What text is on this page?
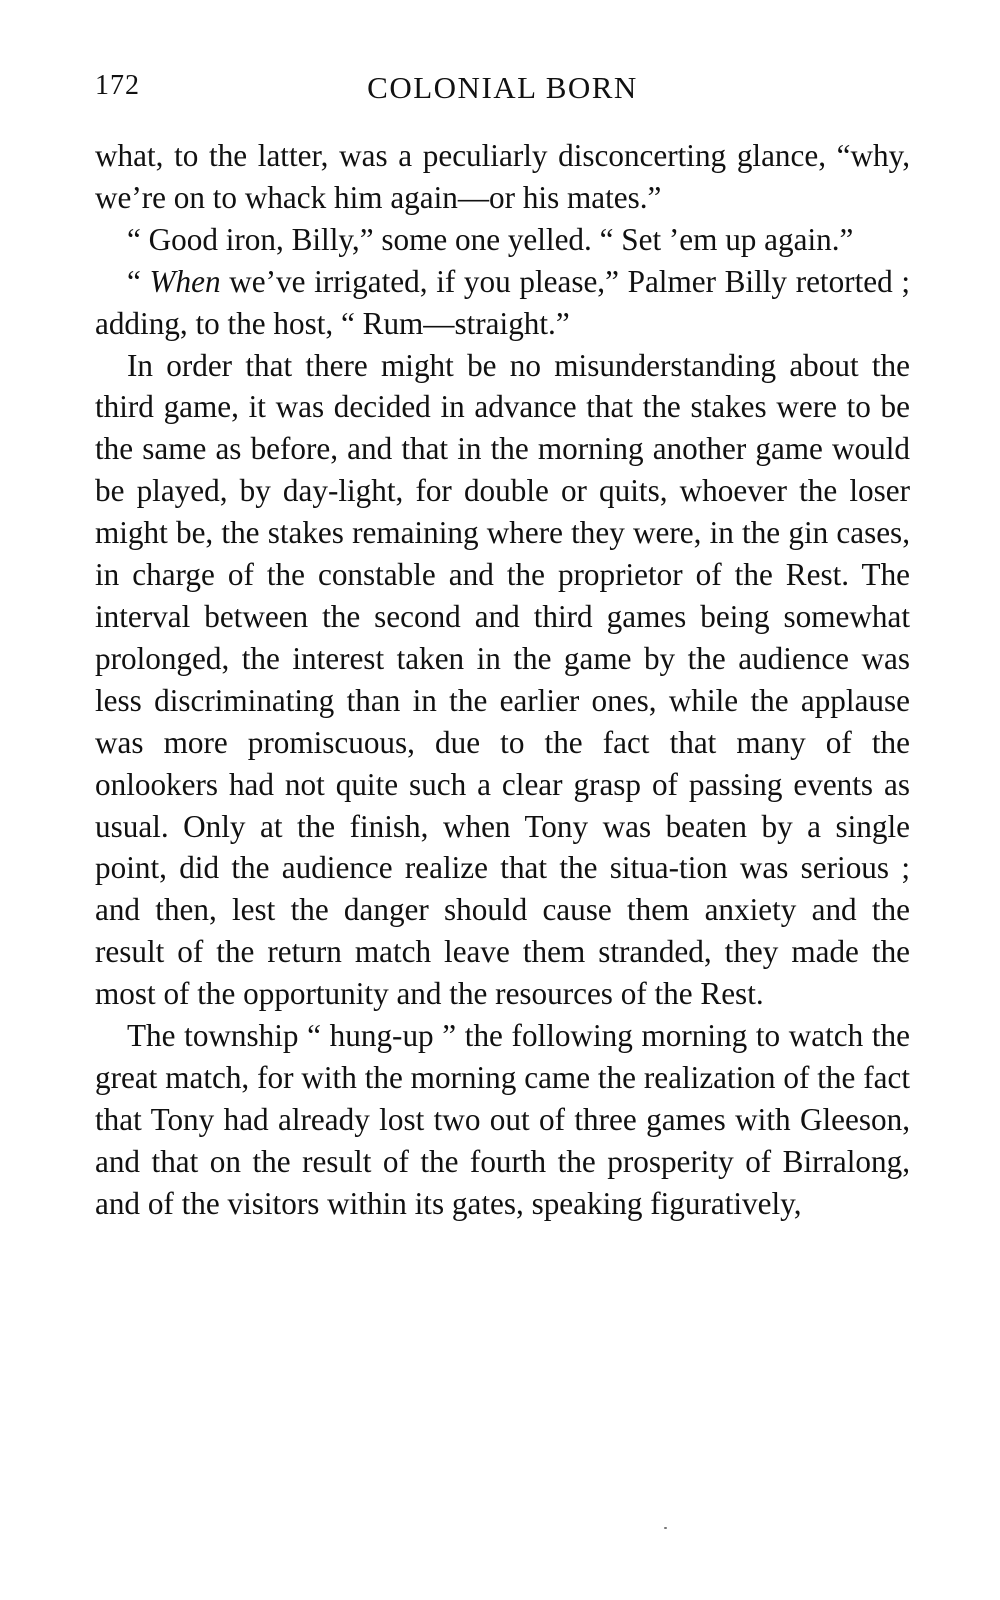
172	COLONIAL BORN

what, to the latter, was a peculiarly disconcerting glance, “why, we’re on to whack him again—or his mates.”

“ Good iron, Billy,” some one yelled. “ Set ’em up again.”

“ When we’ve irrigated, if you please,” Palmer Billy retorted ; adding, to the host, “ Rum—straight.”

In order that there might be no misunderstanding about the third game, it was decided in advance that the stakes were to be the same as before, and that in the morning another game would be played, by day-light, for double or quits, whoever the loser might be, the stakes remaining where they were, in the gin cases, in charge of the constable and the proprietor of the Rest. The interval between the second and third games being somewhat prolonged, the interest taken in the game by the audience was less discriminating than in the earlier ones, while the applause was more promiscuous, due to the fact that many of the onlookers had not quite such a clear grasp of passing events as usual. Only at the finish, when Tony was beaten by a single point, did the audience realize that the situa-tion was serious ; and then, lest the danger should cause them anxiety and the result of the return match leave them stranded, they made the most of the opportunity and the resources of the Rest.

The township “ hung-up ” the following morning to watch the great match, for with the morning came the realization of the fact that Tony had already lost two out of three games with Gleeson, and that on the result of the fourth the prosperity of Birralong, and of the visitors within its gates, speaking figuratively,
